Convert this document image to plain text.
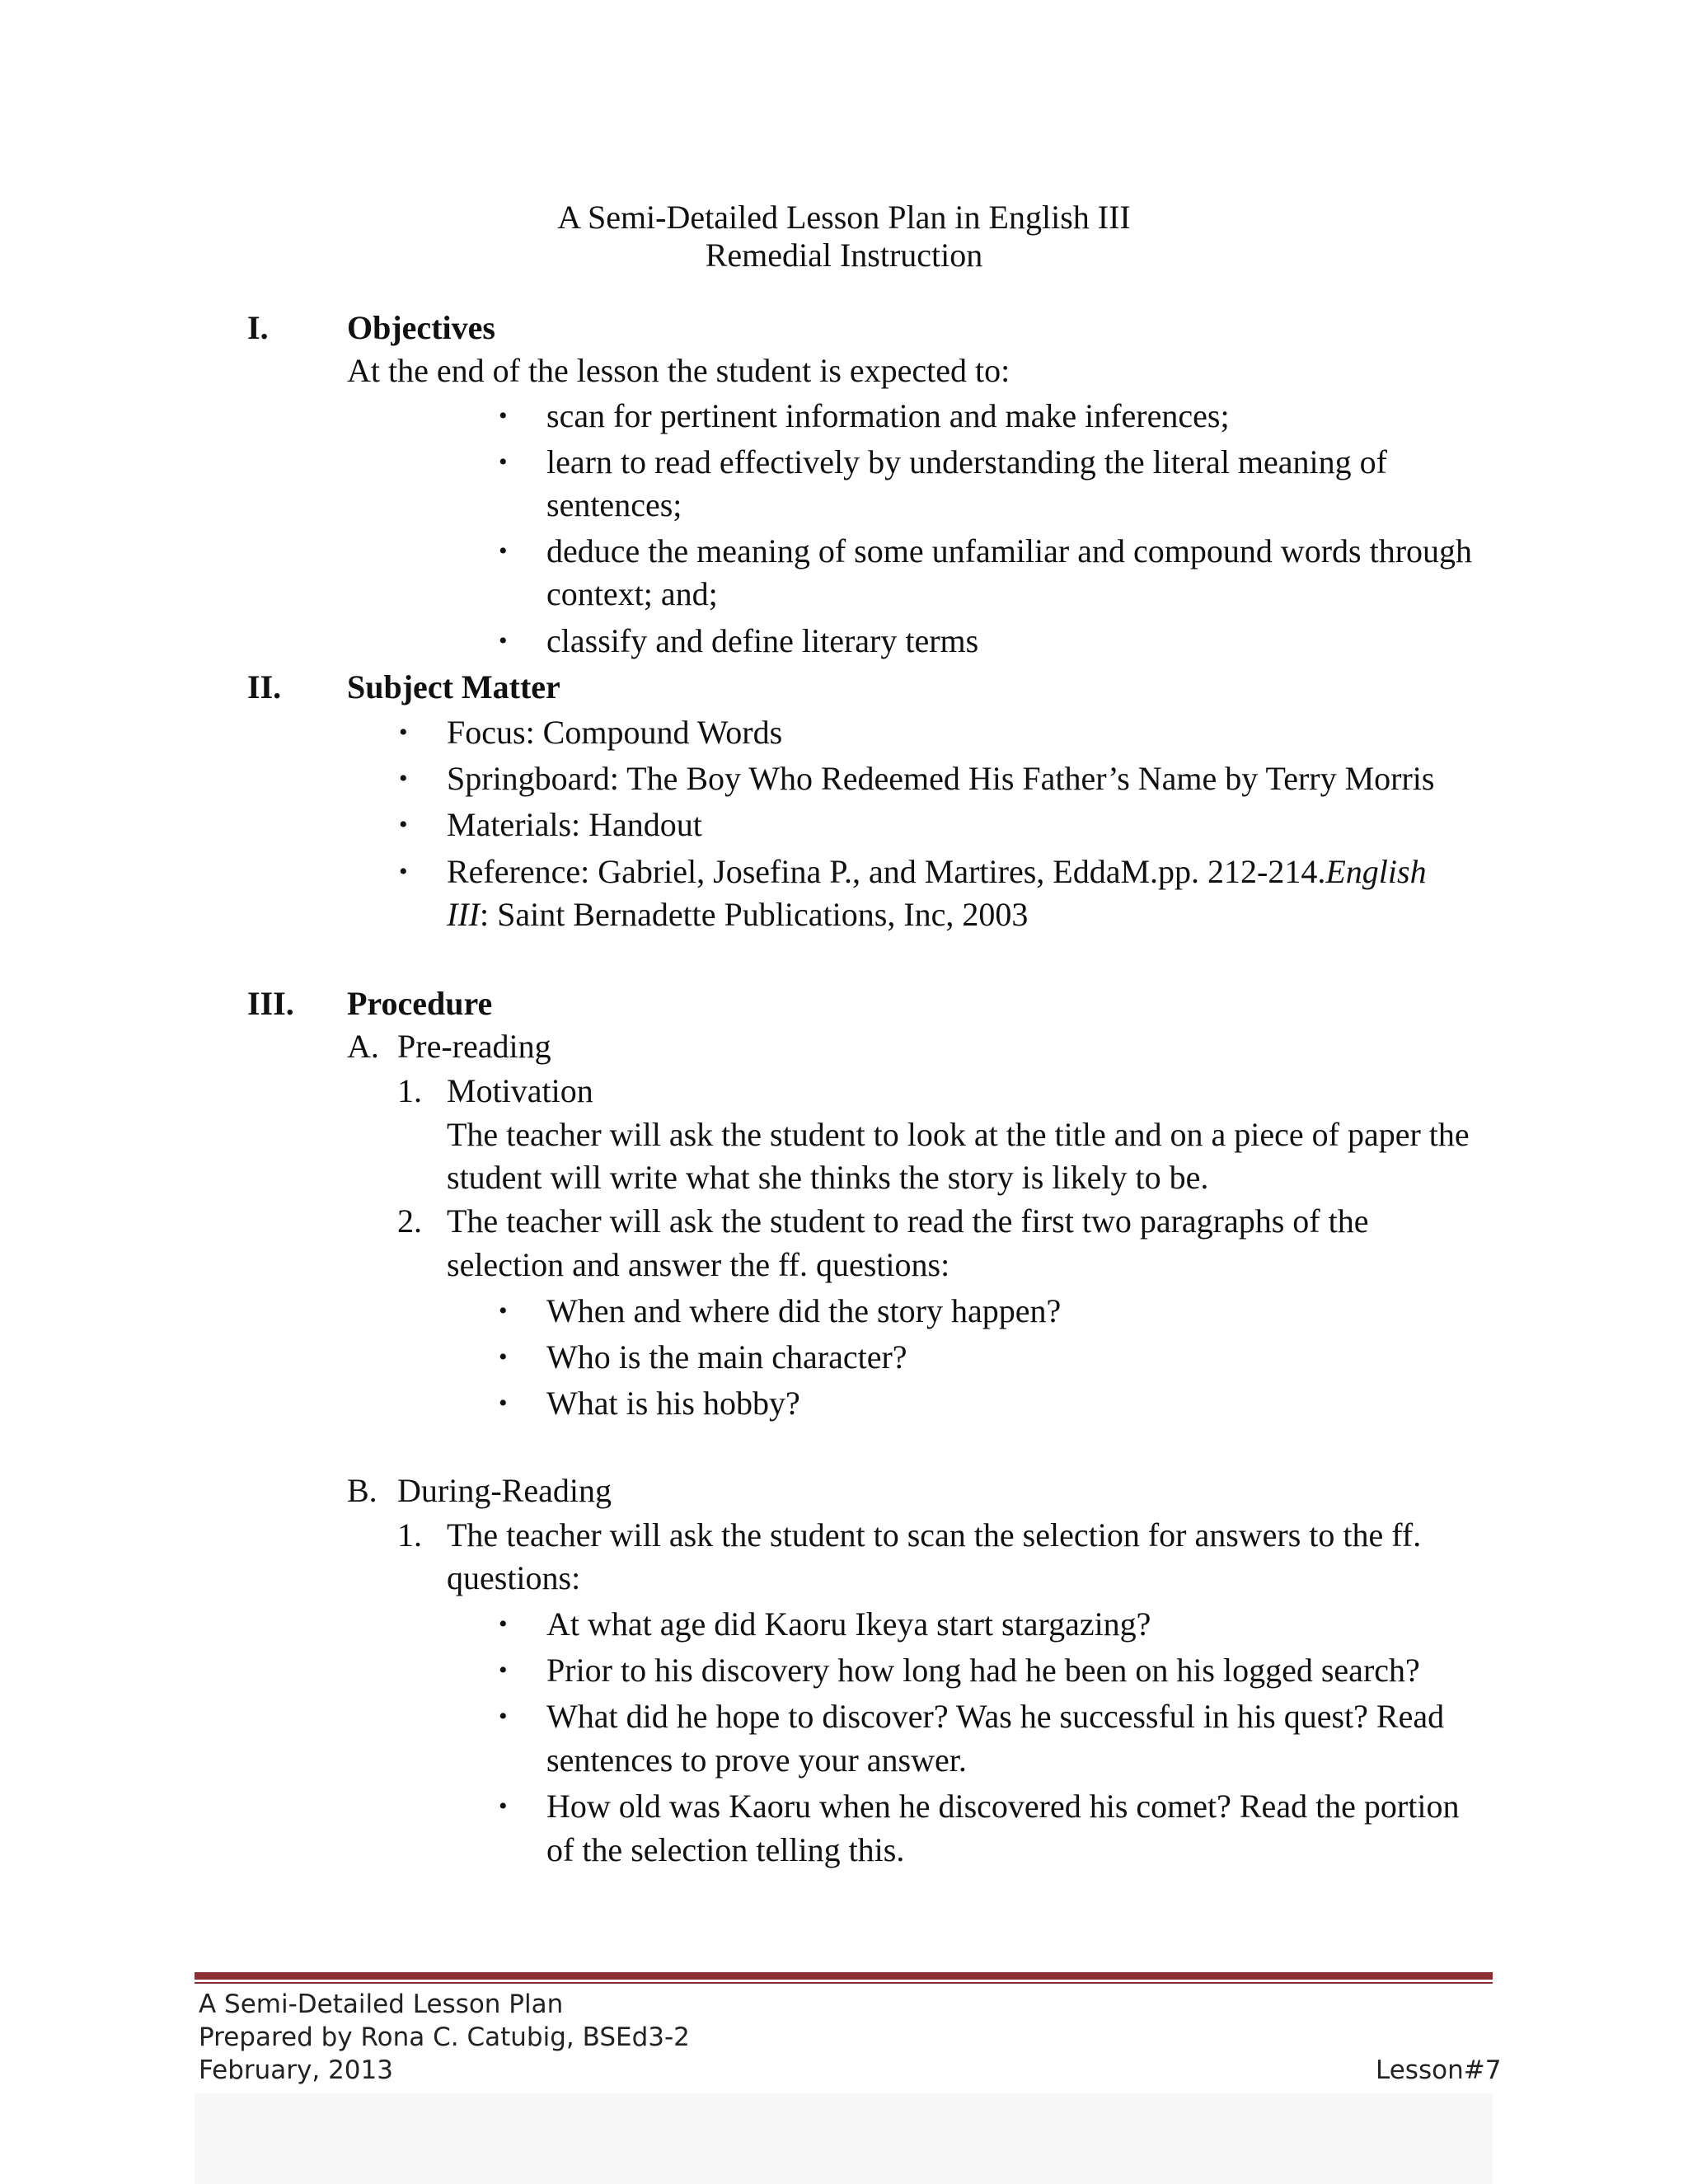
A Semi-Detailed Lesson Plan in English III
Remedial Instruction
I. Objectives
At the end of the lesson the student is expected to:
• scan for pertinent information and make inferences;
• learn to read effectively by understanding the literal meaning of
sentences;
• deduce the meaning of some unfamiliar and compound words through
context; and;
• classify and define literary terms
II. Subject Matter
• Focus: Compound Words
• Springboard: The Boy Who Redeemed His Father’s Name by Terry Morris
• Materials: Handout
• Reference: Gabriel, Josefina P., and Martires, EddaM.pp. 212-214.English
III: Saint Bernadette Publications, Inc, 2003
III. Procedure
A. Pre-reading
1. Motivation
The teacher will ask the student to look at the title and on a piece of paper the
student will write what she thinks the story is likely to be.
2. The teacher will ask the student to read the first two paragraphs of the
selection and answer the ff. questions:
• When and where did the story happen?
• Who is the main character?
• What is his hobby?
B. During-Reading
1. The teacher will ask the student to scan the selection for answers to the ff.
questions:
• At what age did Kaoru Ikeya start stargazing?
• Prior to his discovery how long had he been on his logged search?
• What did he hope to discover? Was he successful in his quest? Read
sentences to prove your answer.
• How old was Kaoru when he discovered his comet? Read the portion
of the selection telling this.
A Semi-Detailed Lesson Plan
Prepared by Rona C. Catubig, BSEd3-2
February, 2013	Lesson#7
